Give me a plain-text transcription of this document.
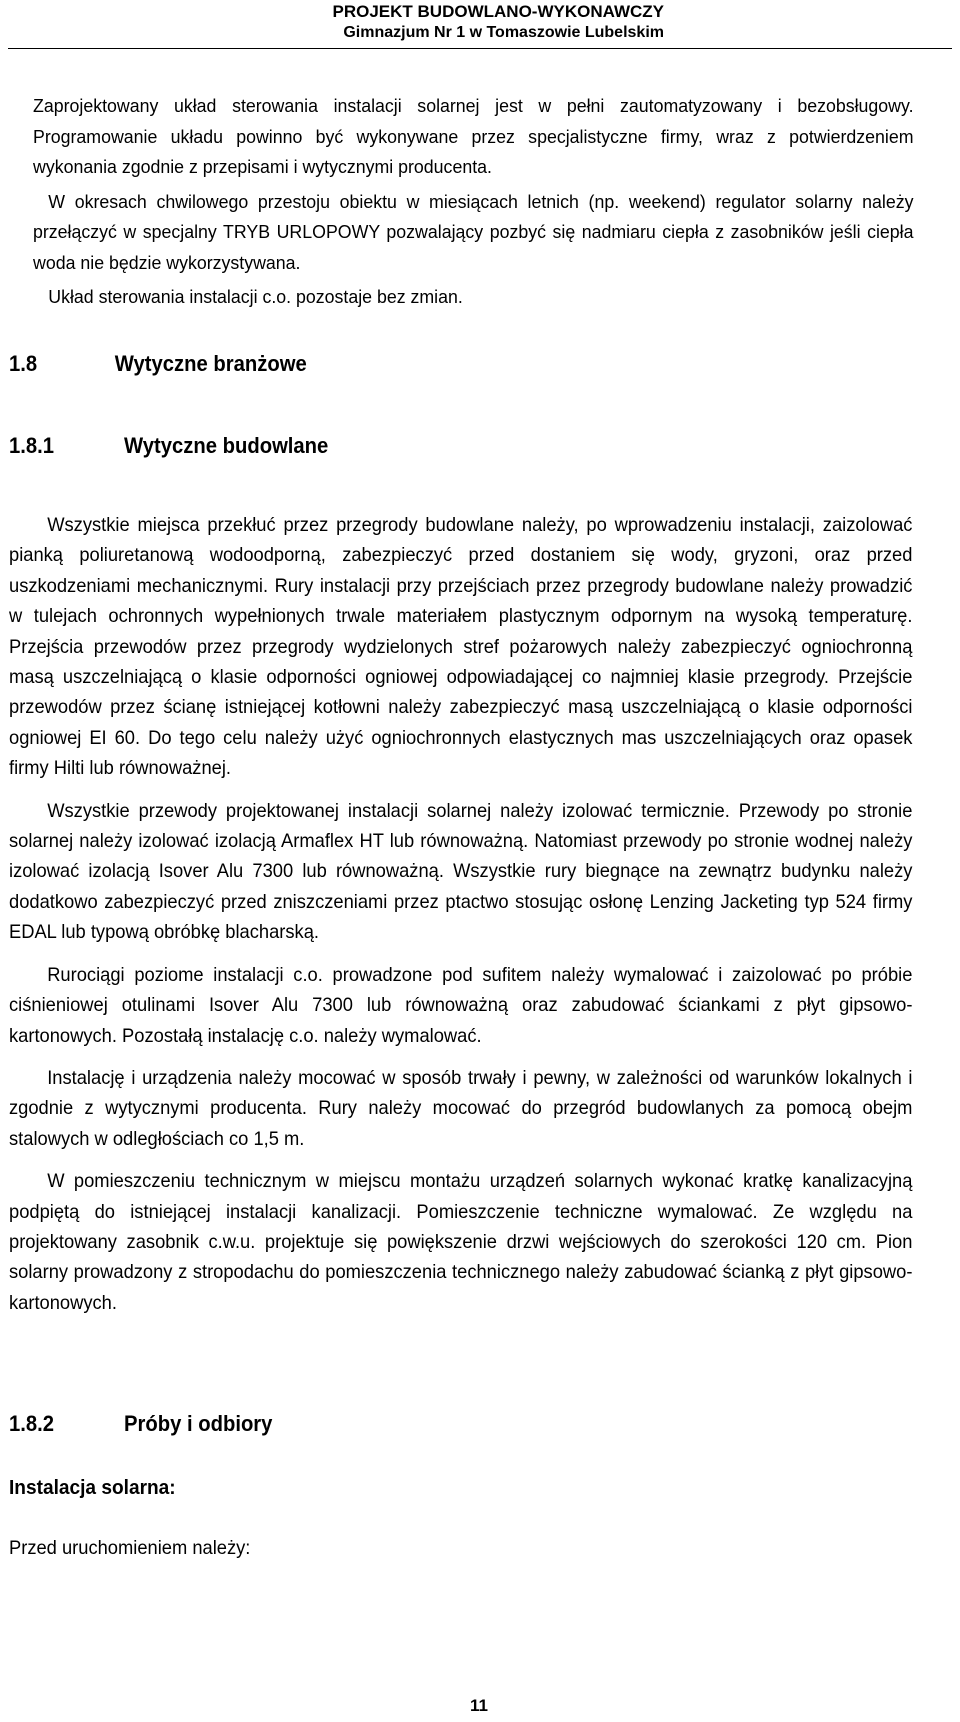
PROJEKT BUDOWLANO-WYKONAWCZY
Gimnazjum Nr 1 w Tomaszowie Lubelskim

Zaprojektowany układ sterowania instalacji solarnej jest w pełni zautomatyzowany i bezobsługowy. Programowanie układu powinno być wykonywane przez specjalistyczne firmy, wraz z potwierdzeniem wykonania zgodnie z przepisami i wytycznymi producenta.

W okresach chwilowego przestoju obiektu w miesiącach letnich (np. weekend) regulator solarny należy przełączyć w specjalny TRYB URLOPOWY pozwalający pozbyć się nadmiaru ciepła z zasobników jeśli ciepła woda nie będzie wykorzystywana.

Układ sterowania instalacji c.o. pozostaje bez zmian.

1.8	Wytyczne branżowe
1.8.1	Wytyczne budowlane

Wszystkie miejsca przekłuć przez przegrody budowlane należy, po wprowadzeniu instalacji, zaizolować pianką poliuretanową wodoodporną, zabezpieczyć przed dostaniem się wody, gryzoni, oraz przed uszkodzeniami mechanicznymi. Rury instalacji przy przejściach przez przegrody budowlane należy prowadzić w tulejach ochronnych wypełnionych trwale materiałem plastycznym odpornym na wysoką temperaturę. Przejścia przewodów przez przegrody wydzielonych stref pożarowych należy zabezpieczyć ogniochronną masą uszczelniającą o klasie odporności ogniowej odpowiadającej co najmniej klasie przegrody. Przejście przewodów przez ścianę istniejącej kotłowni należy zabezpieczyć masą uszczelniającą o klasie odporności ogniowej EI 60. Do tego celu należy użyć ogniochronnych elastycznych mas uszczelniających oraz opasek firmy Hilti lub równoważnej.

Wszystkie przewody projektowanej instalacji solarnej należy izolować termicznie. Przewody po stronie solarnej należy izolować izolacją Armaflex HT lub równoważną. Natomiast przewody po stronie wodnej należy izolować izolacją Isover Alu 7300 lub równoważną. Wszystkie rury biegnące na zewnątrz budynku należy dodatkowo zabezpieczyć przed zniszczeniami przez ptactwo stosując osłonę Lenzing Jacketing typ 524 firmy EDAL lub typową obróbkę blacharską.

Rurociągi poziome instalacji c.o. prowadzone pod sufitem należy wymalować i zaizolować po próbie ciśnieniowej otulinami Isover Alu 7300 lub równoważną oraz zabudować ściankami z płyt gipsowo-kartonowych. Pozostałą instalację c.o. należy wymalować.

Instalację i urządzenia należy mocować w sposób trwały i pewny, w zależności od warunków lokalnych i zgodnie z wytycznymi producenta. Rury należy mocować do przegród budowlanych za pomocą obejm stalowych w odległościach co 1,5 m.

W pomieszczeniu technicznym w miejscu montażu urządzeń solarnych wykonać kratkę kanalizacyjną podpiętą do istniejącej instalacji kanalizacji. Pomieszczenie techniczne wymalować. Ze względu na projektowany zasobnik c.w.u. projektuje się powiększenie drzwi wejściowych do szerokości 120 cm. Pion solarny prowadzony z stropodachu do pomieszczenia technicznego należy zabudować ścianką z płyt gipsowo-kartonowych.

1.8.2	Próby i odbiory
Instalacja solarna:
Przed uruchomieniem należy:
11
